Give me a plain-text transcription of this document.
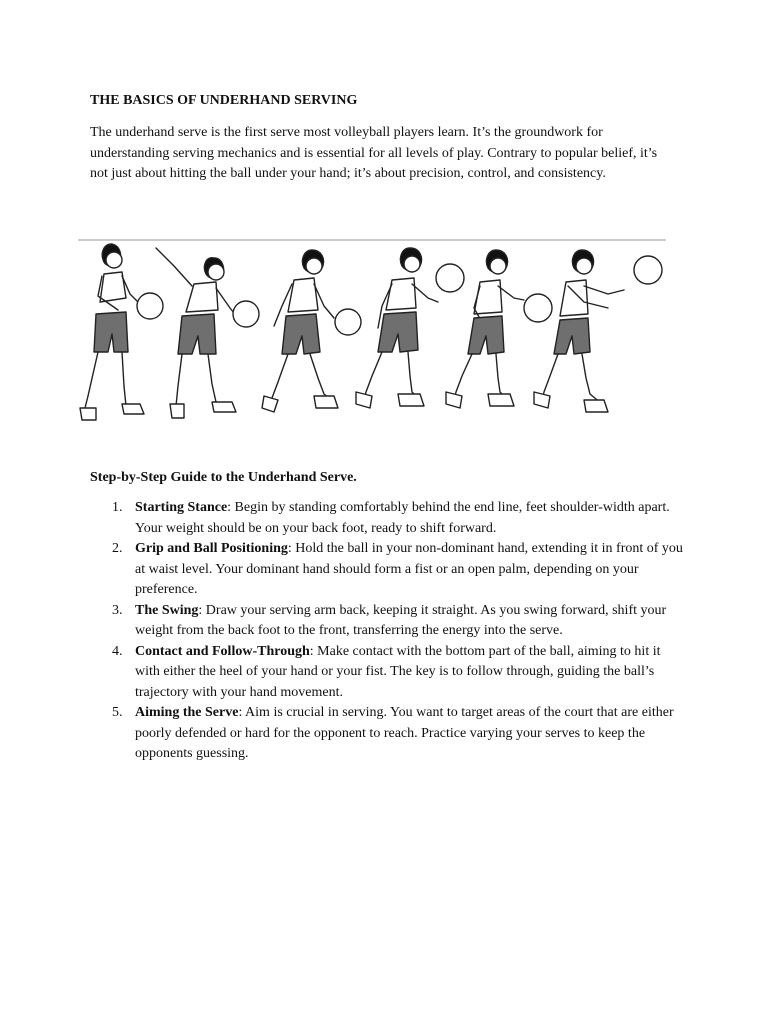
THE BASICS OF UNDERHAND SERVING

The underhand serve is the first serve most volleyball players learn. It’s the groundwork for understanding serving mechanics and is essential for all levels of play. Contrary to popular belief, it’s not just about hitting the ball under your hand; it’s about precision, control, and consistency.

Step-by-Step Guide to the Underhand Serve.
1. Starting Stance: Begin by standing comfortably behind the end line, feet shoulder-width apart. Your weight should be on your back foot, ready to shift forward.
2. Grip and Ball Positioning: Hold the ball in your non-dominant hand, extending it in front of you at waist level. Your dominant hand should form a fist or an open palm, depending on your preference.
3. The Swing: Draw your serving arm back, keeping it straight. As you swing forward, shift your weight from the back foot to the front, transferring the energy into the serve.
4. Contact and Follow-Through: Make contact with the bottom part of the ball, aiming to hit it with either the heel of your hand or your fist. The key is to follow through, guiding the ball’s trajectory with your hand movement.
5. Aiming the Serve: Aim is crucial in serving. You want to target areas of the court that are either poorly defended or hard for the opponent to reach. Practice varying your serves to keep the opponents guessing.
